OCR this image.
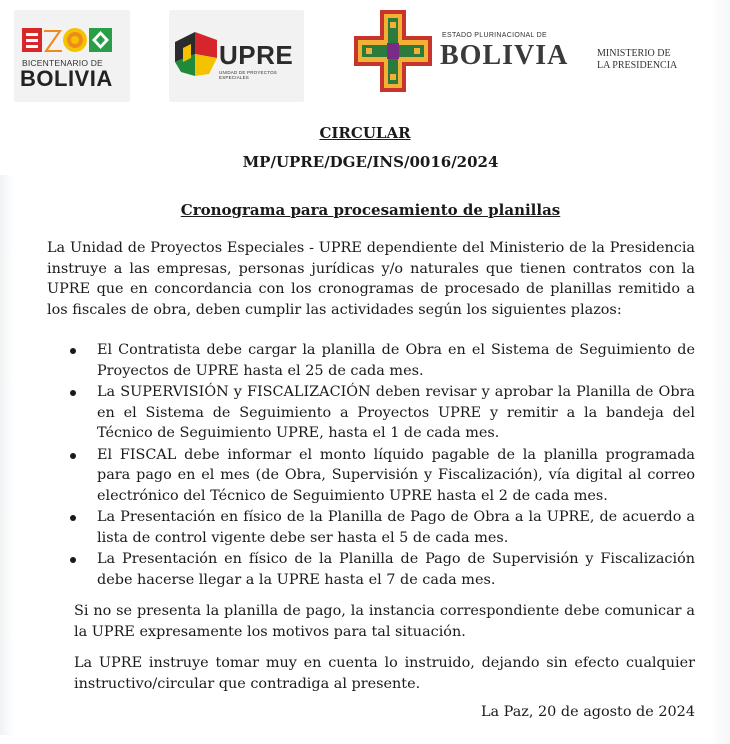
BICENTENARIO DE
BOLIVIA
UPRE
UNIDAD DE PROYECTOS ESPECIALES
ESTADO PLURINACIONAL DE
BOLIVIA	MINISTERIO DE
LA PRESIDENCIA
CIRCULAR
MP/UPRE/DGE/INS/0016/2024
Cronograma para procesamiento de planillas

La Unidad de Proyectos Especiales - UPRE dependiente del Ministerio de la Presidencia instruye a las empresas, personas jurídicas y/o naturales que tienen contratos con la UPRE que en concordancia con los cronogramas de procesado de planillas remitido a los fiscales de obra, deben cumplir las actividades según los siguientes plazos:

El Contratista debe cargar la planilla de Obra en el Sistema de Seguimiento de Proyectos de UPRE hasta el 25 de cada mes.
La SUPERVISIÓN y FISCALIZACIÓN deben revisar y aprobar la Planilla de Obra en el Sistema de Seguimiento a Proyectos UPRE y remitir a la bandeja del Técnico de Seguimiento UPRE, hasta el 1 de cada mes.
El FISCAL debe informar el monto líquido pagable de la planilla programada para pago en el mes (de Obra, Supervisión y Fiscalización), vía digital al correo electrónico del Técnico de Seguimiento UPRE hasta el 2 de cada mes.
La Presentación en físico de la Planilla de Pago de Obra a la UPRE, de acuerdo a lista de control vigente debe ser hasta el 5 de cada mes.
La Presentación en físico de la Planilla de Pago de Supervisión y Fiscalización debe hacerse llegar a la UPRE hasta el 7 de cada mes.

Si no se presenta la planilla de pago, la instancia correspondiente debe comunicar a la UPRE expresamente los motivos para tal situación.

La UPRE instruye tomar muy en cuenta lo instruido, dejando sin efecto cualquier instructivo/circular que contradiga al presente.

La Paz, 20 de agosto de 2024
